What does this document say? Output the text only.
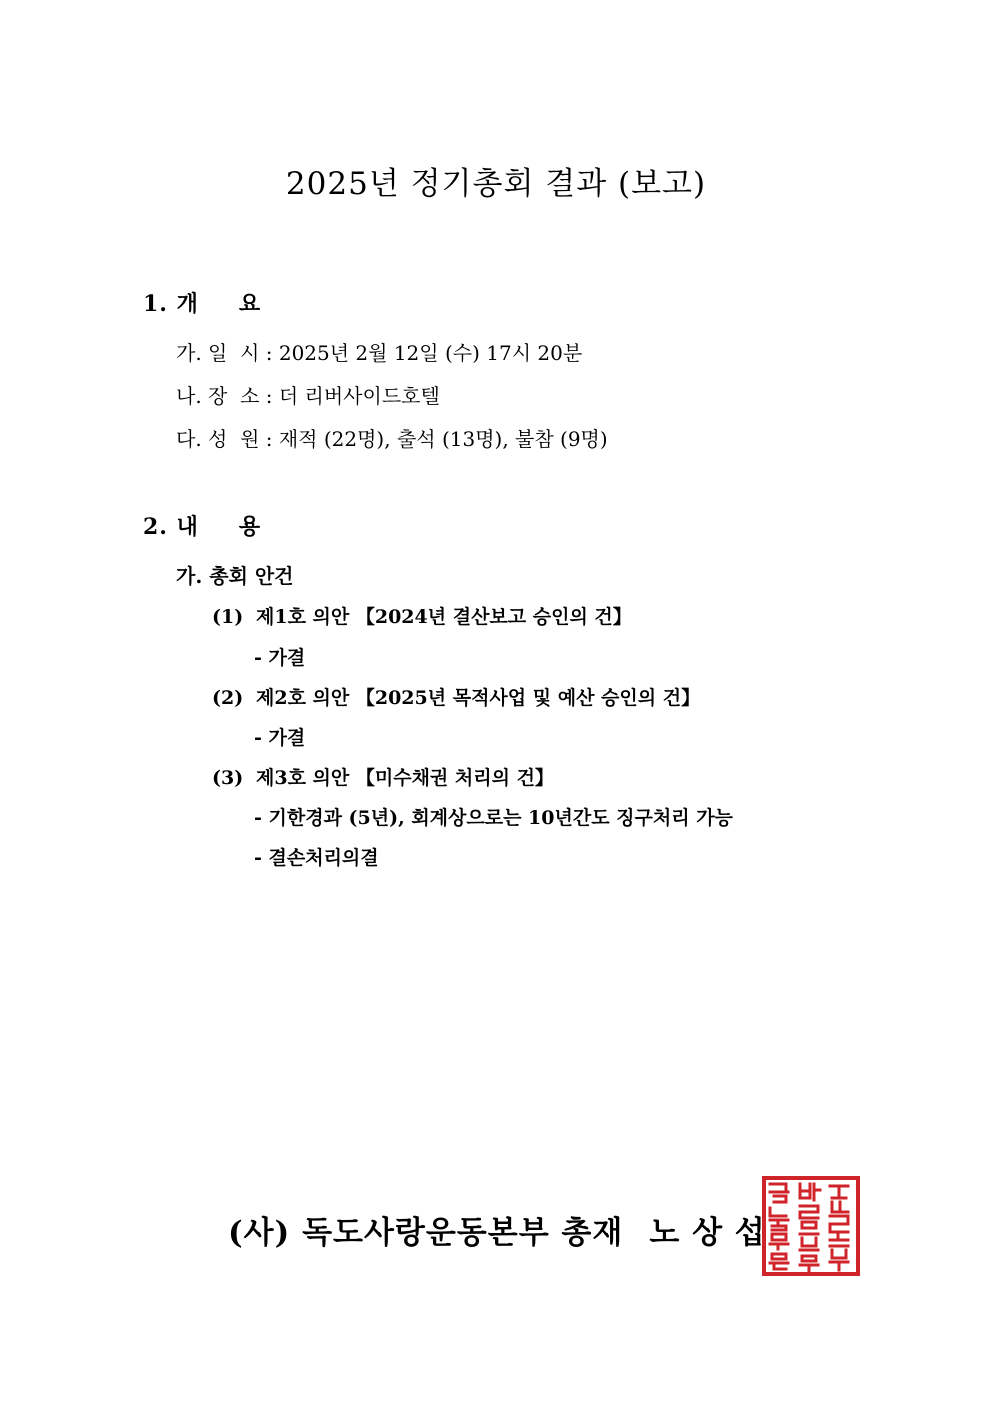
2025년 정기총회 결과 (보고)
1. 개 요
가. 일  시 : 2025년 2월 12일 (수) 17시 20분
나. 장  소 : 더 리버사이드호텔
다. 성  원 : 재적 (22명), 출석 (13명), 불참 (9명)
2. 내 용
가. 총회 안건
(1) 제1호 의안 【2024년 결산보고 승인의 건】
- 가결
(2) 제2호 의안 【2025년 목적사업 및 예산 승인의 건】
- 가결
(3) 제3호 의안 【미수채권 처리의 건】
- 기한경과 (5년), 회계상으로는 10년간도 징구처리 가능
- 결손처리의결
(사) 독도사랑운동본부 총재 노 상 섭
